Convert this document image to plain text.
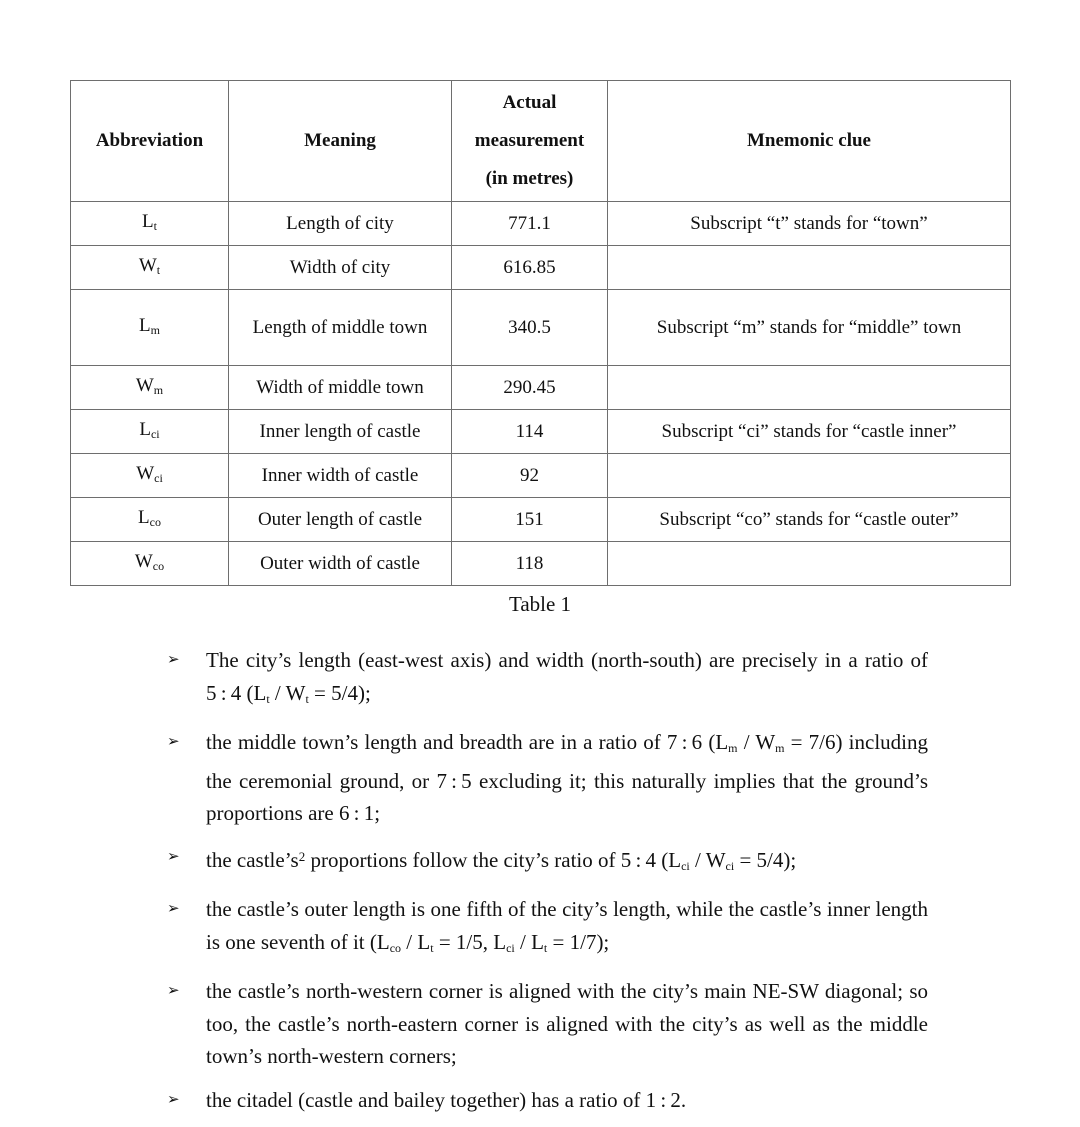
Abbreviation	Meaning	Actual
measurement
(in metres)	Mnemonic clue
$L_t$	Length of city	771.1	Subscript “t” stands for “town”
$W_t$	Width of city	616.85	
$L_m$	Length of middle town	340.5	Subscript “m” stands for “middle” town
$W_m$	Width of middle town	290.45	
$L_{ci}$	Inner length of castle	114	Subscript “ci” stands for “castle inner”
$W_{ci}$	Inner width of castle	92	
$L_{co}$	Outer length of castle	151	Subscript “co” stands for “castle outer”
$W_{co}$	Outer width of castle	118	
Table 1
➢ The city’s length (east-west axis) and width (north-south) are precisely in a ratio of 5 : 4 $(L_t / W_t = 5/4)$;
➢ the middle town’s length and breadth are in a ratio of 7 : 6 $(L_m / W_m = 7/6)$ including the ceremonial ground, or 7 : 5 excluding it; this naturally implies that the ground’s proportions are 6 : 1;
➢ the $castle’s^2$ proportions follow the city’s ratio of 5 : 4 $(L_{ci} / W_{ci} = 5/4)$;
➢ the castle’s outer length is one fifth of the city’s length, while the castle’s inner length is one seventh of it ($L_{co} / L_t = 1/5$, $L_{ci} / L_t = 1/7$);
➢ the castle’s north-western corner is aligned with the city’s main NE-SW diagonal; so too, the castle’s north-eastern corner is aligned with the city’s as well as the middle town’s north-western corners;
➢ the citadel (castle and bailey together) has a ratio of 1 : 2.
